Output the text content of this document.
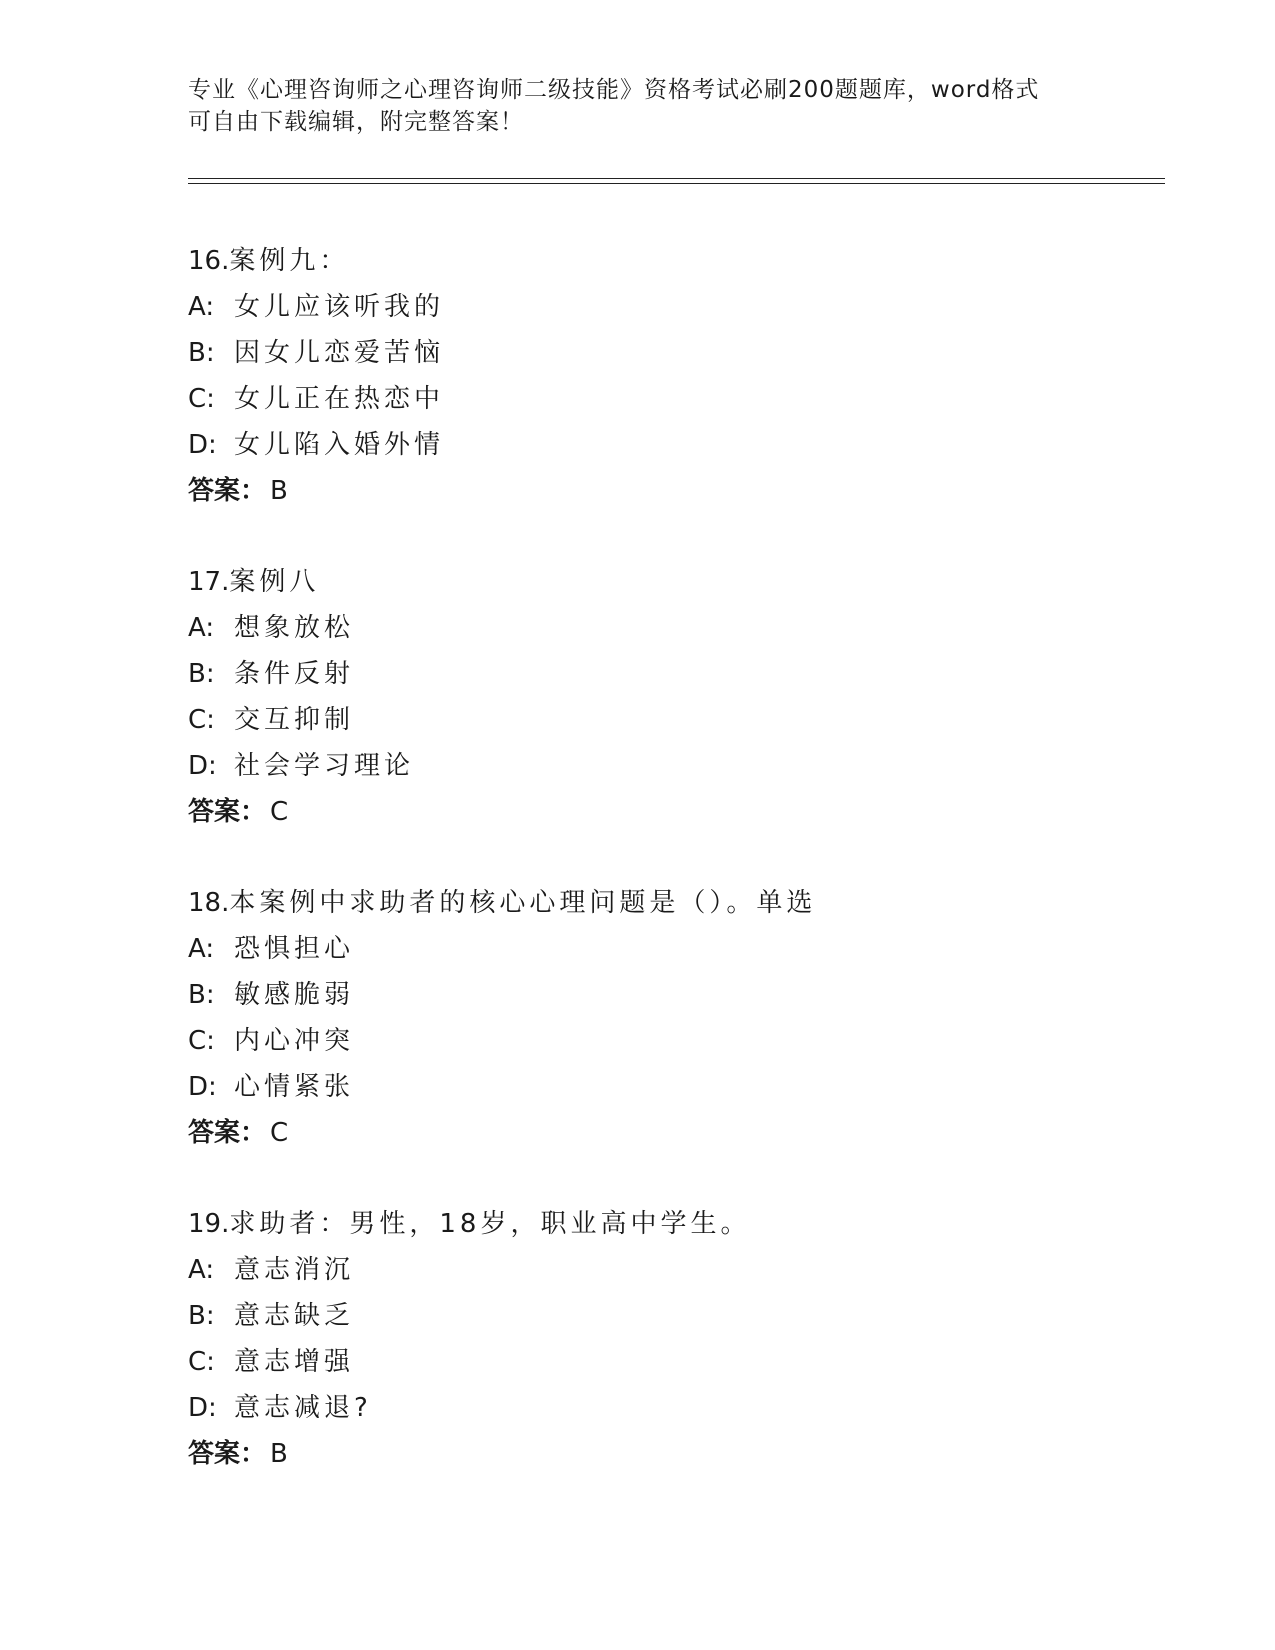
专业《心理咨询师之心理咨询师二级技能》资格考试必刷200题题库，word格式
可自由下载编辑，附完整答案！
16.案例九：
A: 女儿应该听我的
B: 因女儿恋爱苦恼
C: 女儿正在热恋中
D: 女儿陷入婚外情
答案： B
17.案例八
A: 想象放松
B: 条件反射
C: 交互抑制
D: 社会学习理论
答案： C
18.本案例中求助者的核心心理问题是（）。单选
A: 恐惧担心
B: 敏感脆弱
C: 内心冲突
D: 心情紧张
答案： C
19.求助者：男性，18岁，职业高中学生。
A: 意志消沉
B: 意志缺乏
C: 意志增强
D: 意志减退?
答案： B
